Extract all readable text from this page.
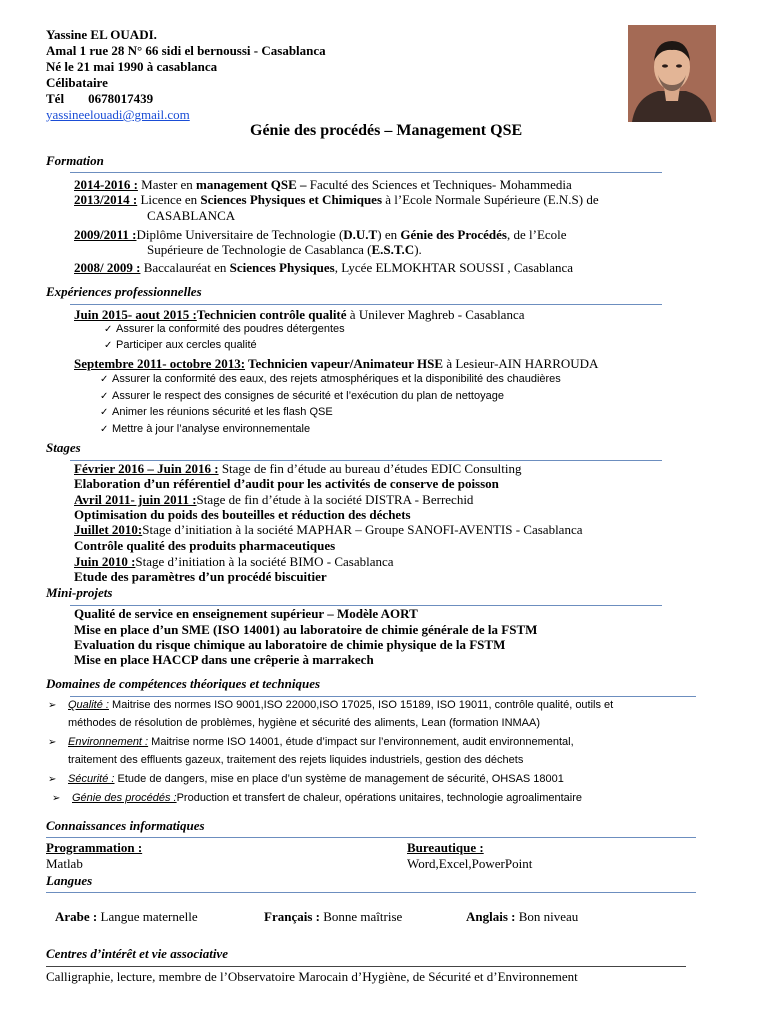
Yassine EL OUADI.
Amal 1 rue 28 N° 66 sidi el bernoussi - Casablanca
Né le 21 mai 1990 à casablanca
Célibataire
Tél 0678017439
yassineelouadi@gmail.com
Génie des procédés – Management QSE
Formation
2014-2016 : Master en management QSE – Faculté des Sciences et Techniques- Mohammedia
2013/2014 : Licence en Sciences Physiques et Chimiques à l’Ecole Normale Supérieure (E.N.S) de
CASABLANCA
2009/2011 :Diplôme Universitaire de Technologie (D.U.T) en Génie des Procédés, de l’Ecole
Supérieure de Technologie de Casablanca (E.S.T.C).
2008/ 2009 : Baccalauréat en Sciences Physiques, Lycée ELMOKHTAR SOUSSI , Casablanca
Expériences professionnelles
Juin 2015- aout 2015 :Technicien contrôle qualité à Unilever Maghreb - Casablanca
✓ Assurer la conformité des poudres détergentes
✓ Participer aux cercles qualité
Septembre 2011- octobre 2013: Technicien vapeur/Animateur HSE à Lesieur-AIN HARROUDA
✓ Assurer la conformité des eaux, des rejets atmosphériques et la disponibilité des chaudières
✓ Assurer le respect des consignes de sécurité et l’exécution du plan de nettoyage
✓ Animer les réunions sécurité et les flash QSE
✓ Mettre à jour l’analyse environnementale
Stages
Février 2016 – Juin 2016 : Stage de fin d’étude au bureau d’études EDIC Consulting
Elaboration d’un référentiel d’audit pour les activités de conserve de poisson
Avril 2011- juin 2011 :Stage de fin d’étude à la société DISTRA - Berrechid
Optimisation du poids des bouteilles et réduction des déchets
Juillet 2010:Stage d’initiation à la société MAPHAR – Groupe SANOFI-AVENTIS - Casablanca
Contrôle qualité des produits pharmaceutiques
Juin 2010 :Stage d’initiation à la société BIMO - Casablanca
Etude des paramètres d’un procédé biscuitier
Mini-projets
Qualité de service en enseignement supérieur – Modèle AORT
Mise en place d’un SME (ISO 14001) au laboratoire de chimie générale de la FSTM
Evaluation du risque chimique au laboratoire de chimie physique de la FSTM
Mise en place HACCP dans une crêperie à marrakech
Domaines de compétences théoriques et techniques
➢ Qualité : Maitrise des normes ISO 9001,ISO 22000,ISO 17025, ISO 15189, ISO 19011, contrôle qualité, outils et
méthodes de résolution de problèmes, hygiène et sécurité des aliments, Lean (formation INMAA)
➢ Environnement : Maitrise norme ISO 14001, étude d’impact sur l’environnement, audit environnemental,
traitement des effluents gazeux, traitement des rejets liquides industriels, gestion des déchets
➢ Sécurité : Etude de dangers, mise en place d’un système de management de sécurité, OHSAS 18001
➢ Génie des procédés :Production et transfert de chaleur, opérations unitaires, technologie agroalimentaire
Connaissances informatiques
Programmation :
Matlab
Bureautique :
Word,Excel,PowerPoint
Langues
Arabe : Langue maternelle	Français : Bonne maîtrise	Anglais : Bon niveau
Centres d’intérêt et vie associative
Calligraphie, lecture, membre de l’Observatoire Marocain d’Hygiène, de Sécurité et d’Environnement
